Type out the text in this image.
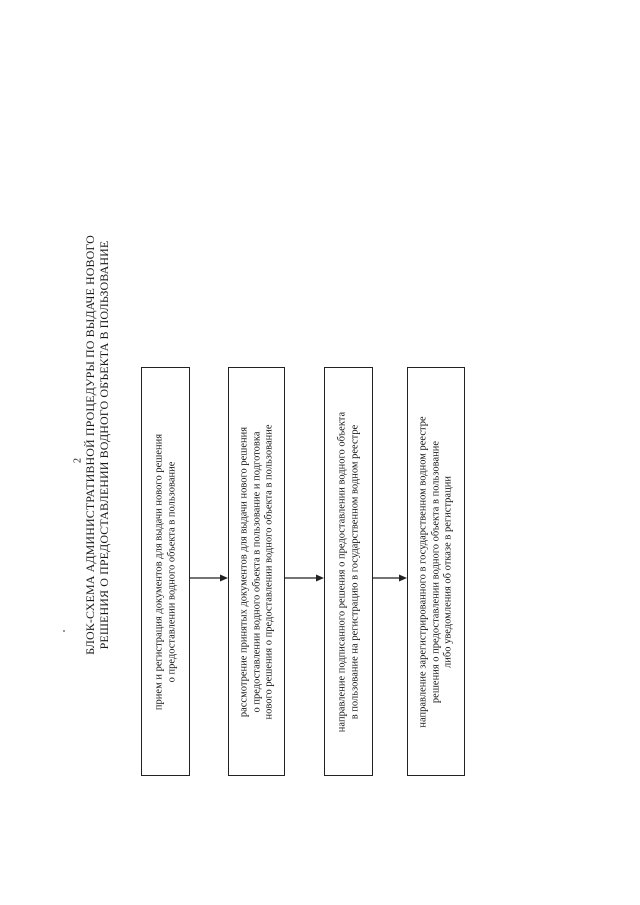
2 БЛОК-СХЕМА АДМИНИСТРАТИВНОЙ ПРОЦЕДУРЫ ПО ВЫДАЧЕ НОВОГО РЕШЕНИЯ О ПРЕДОСТАВЛЕНИИ ВОДНОГО ОБЪЕКТА В ПОЛЬЗОВАНИЕ	прием и регистрация документов для выдачи нового решения о предоставлении водного объекта в пользование	рассмотрение принятых документов для выдачи нового решения о предоставлении водного объекта в пользование и подготовка нового решения о предоставлении водного объекта в пользование	направление подписанного решения о предоставлении водного объекта в пользование на регистрацию в государственном водном реестре	направление зарегистрированного в государственном водном реестре решения о предоставлении водного объекта в пользование либо уведомления об отказе в регистрации
